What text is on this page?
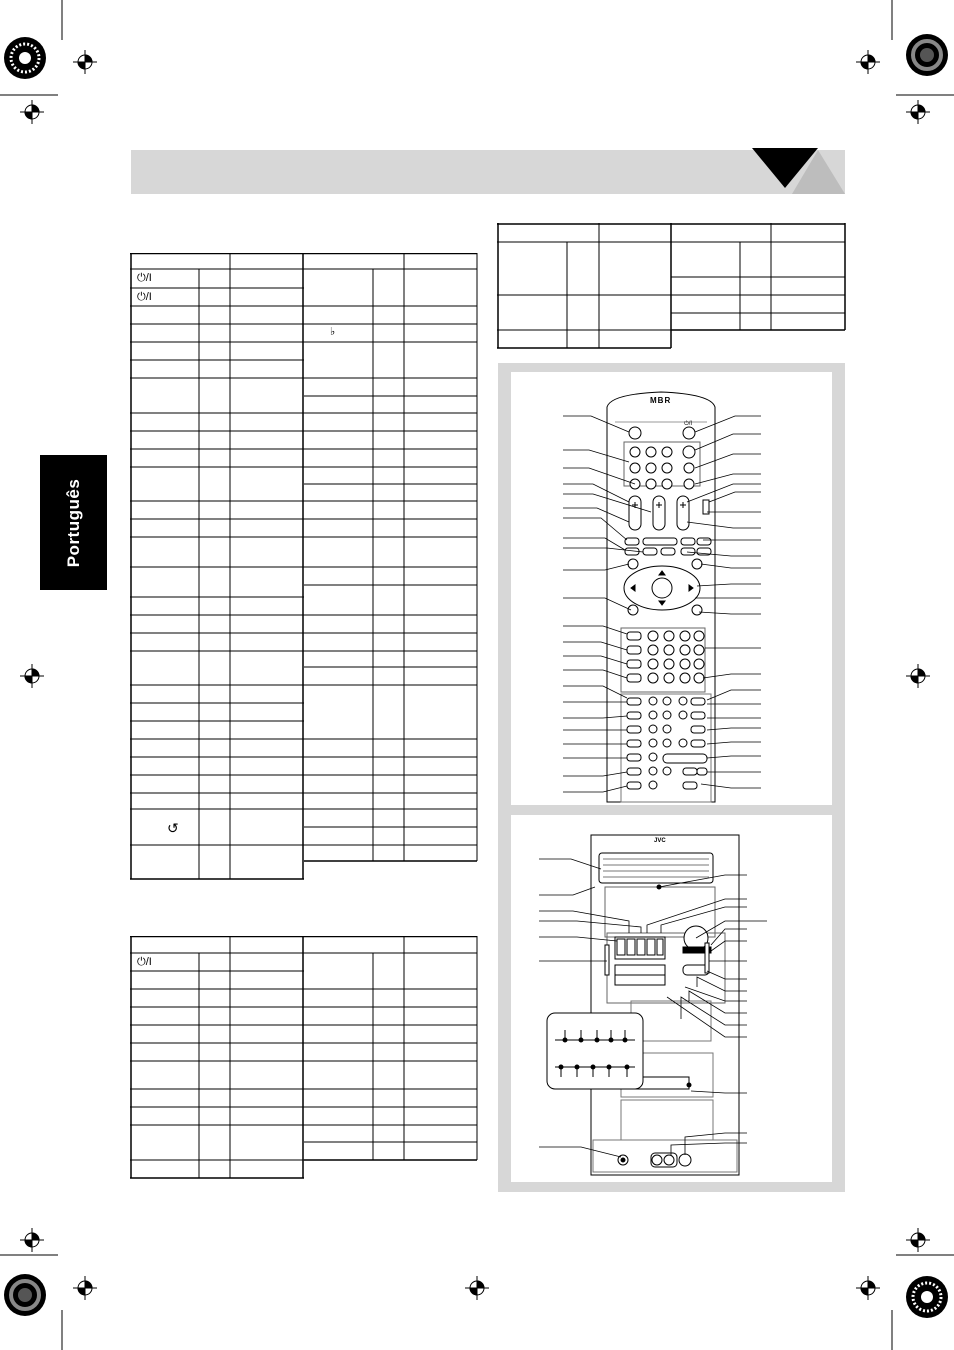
Português
⏻/I
⏻/I
♭
↺
⏻/I
MBR
⏻/I
JVC
